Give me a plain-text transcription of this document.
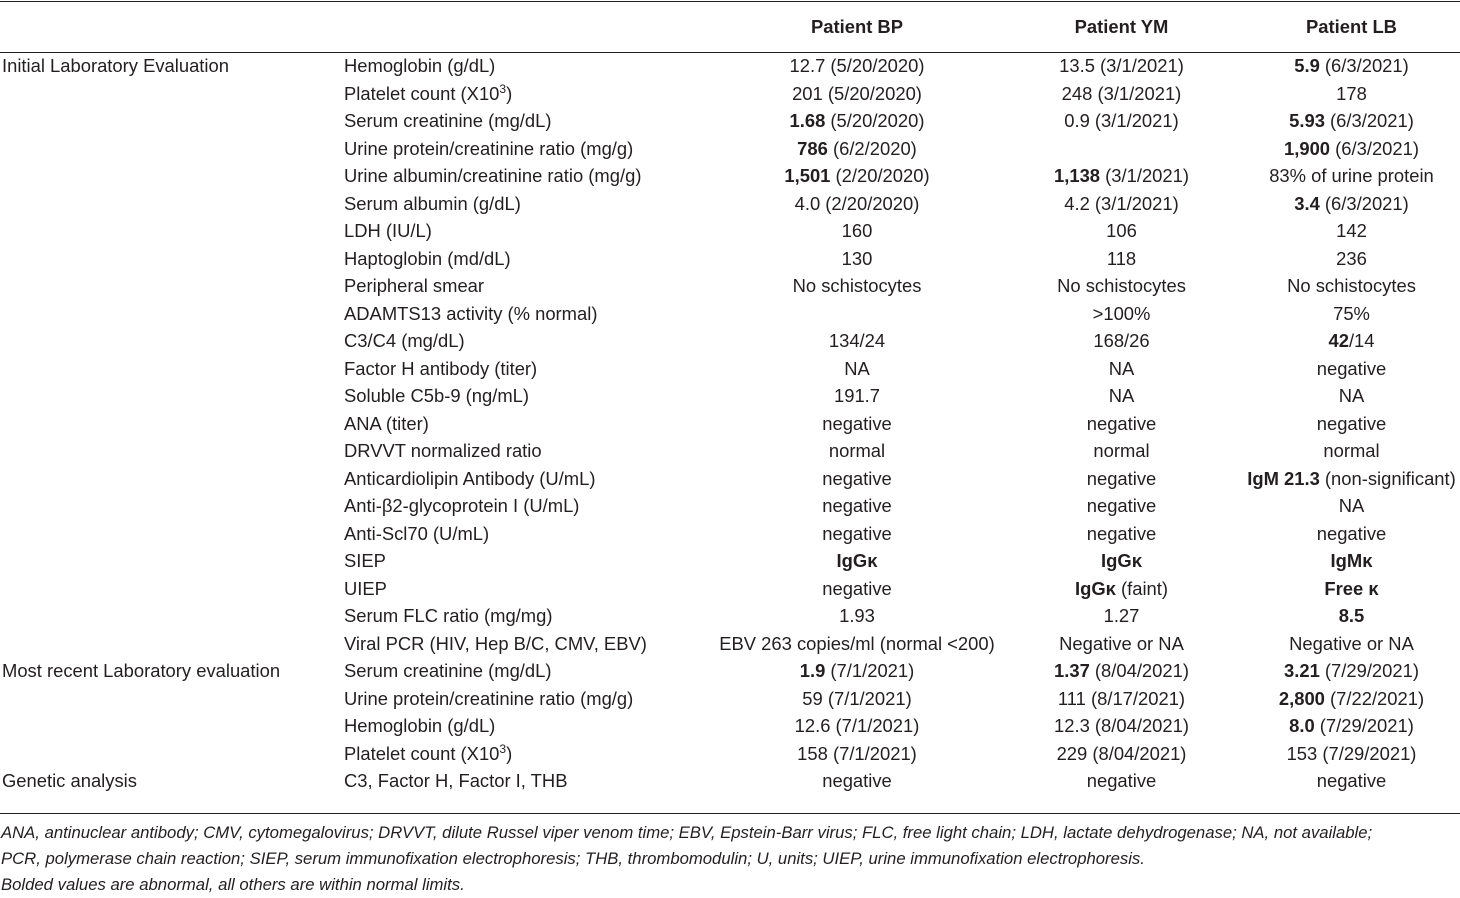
		Patient BP	Patient YM	Patient LB
Initial Laboratory Evaluation	Hemoglobin (g/dL)	12.7 (5/20/2020)	13.5 (3/1/2021)	5.9 (6/3/2021)
	Platelet count $(X10^3)$	201 (5/20/2020)	248 (3/1/2021)	178
	Serum creatinine (mg/dL)	1.68 (5/20/2020)	0.9 (3/1/2021)	5.93 (6/3/2021)
	Urine protein/creatinine ratio (mg/g)	786 (6/2/2020)		1,900 (6/3/2021)
	Urine albumin/creatinine ratio (mg/g)	1,501 (2/20/2020)	1,138 (3/1/2021)	83% of urine protein
	Serum albumin (g/dL)	4.0 (2/20/2020)	4.2 (3/1/2021)	3.4 (6/3/2021)
	LDH (IU/L)	160	106	142
	Haptoglobin (md/dL)	130	118	236
	Peripheral smear	No schistocytes	No schistocytes	No schistocytes
	ADAMTS13 activity (% normal)		>100%	75%
	C3/C4 (mg/dL)	134/24	168/26	42/14
	Factor H antibody (titer)	NA	NA	negative
	Soluble C5b-9 (ng/mL)	191.7	NA	NA
	ANA (titer)	negative	negative	negative
	DRVVT normalized ratio	normal	normal	normal
	Anticardiolipin Antibody (U/mL)	negative	negative	IgM 21.3 (non-significant)
	Anti-β2-glycoprotein I (U/mL)	negative	negative	NA
	Anti-Scl70 (U/mL)	negative	negative	negative
	SIEP	IgGκ	IgGκ	IgMκ
	UIEP	negative	IgGκ (faint)	Free κ
	Serum FLC ratio (mg/mg)	1.93	1.27	8.5
	Viral PCR (HIV, Hep B/C, CMV, EBV)	EBV 263 copies/ml (normal <200)	Negative or NA	Negative or NA
Most recent Laboratory evaluation	Serum creatinine (mg/dL)	1.9 (7/1/2021)	1.37 (8/04/2021)	3.21 (7/29/2021)
	Urine protein/creatinine ratio (mg/g)	59 (7/1/2021)	111 (8/17/2021)	2,800 (7/22/2021)
	Hemoglobin (g/dL)	12.6 (7/1/2021)	12.3 (8/04/2021)	8.0 (7/29/2021)
	Platelet count $(X10^3)$	158 (7/1/2021)	229 (8/04/2021)	153 (7/29/2021)
Genetic analysis	C3, Factor H, Factor I, THB	negative	negative	negative
ANA, antinuclear antibody; CMV, cytomegalovirus; DRVVT, dilute Russel viper venom time; EBV, Epstein-Barr virus; FLC, free light chain; LDH, lactate dehydrogenase; NA, not available;
PCR, polymerase chain reaction; SIEP, serum immunofixation electrophoresis; THB, thrombomodulin; U, units; UIEP, urine immunofixation electrophoresis.
Bolded values are abnormal, all others are within normal limits.
